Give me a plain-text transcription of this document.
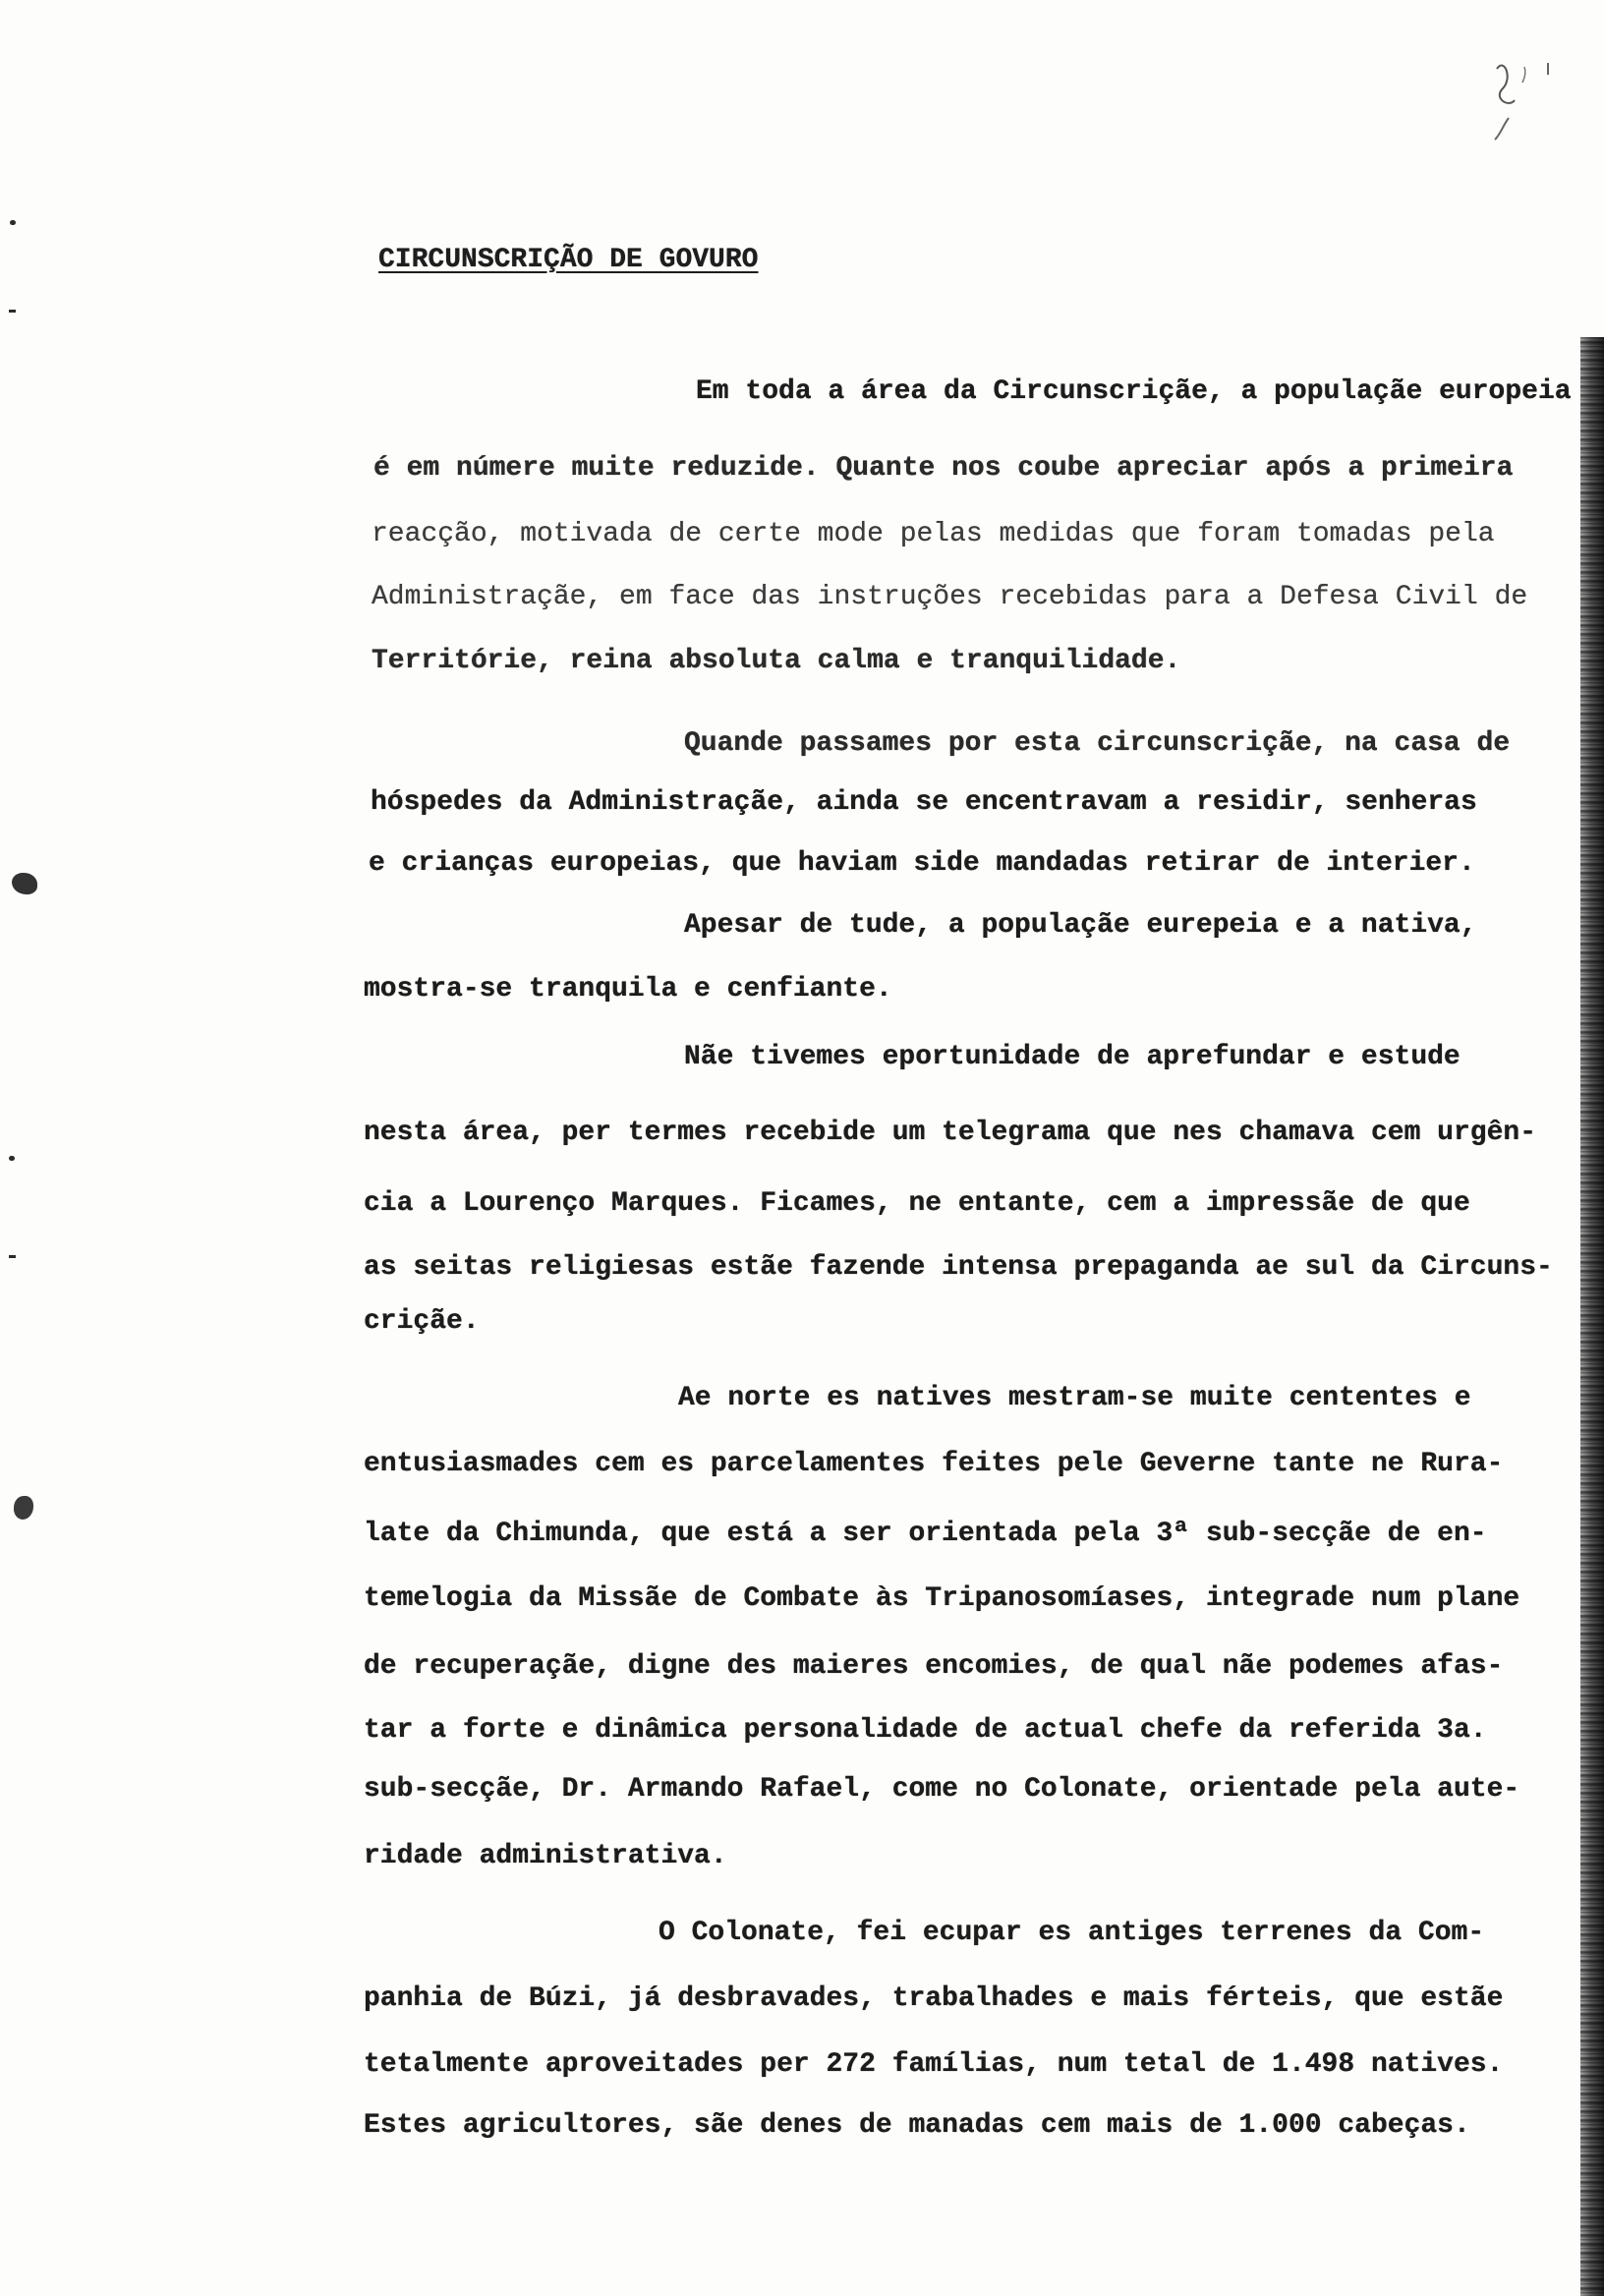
CIRCUNSCRIÇÃO DE GOVURO
Em toda a área da Circunscriçãe, a populaçãe europeia
é em númere muite reduzide. Quante nos coube apreciar após a primeira
reacção, motivada de certe mode pelas medidas que foram tomadas pela
Administraçãe, em face das instruções recebidas para a Defesa Civil de
Territórie, reina absoluta calma e tranquilidade.
Quande passames por esta circunscriçãe, na casa de
hóspedes da Administraçãe, ainda se encentravam a residir, senheras
e crianças europeias, que haviam side mandadas retirar de interier.
Apesar de tude, a populaçãe eurepeia e a nativa,
mostra-se tranquila e cenfiante.
Nãe tivemes eportunidade de aprefundar e estude
nesta área, per termes recebide um telegrama que nes chamava cem urgên-
cia a Lourenço Marques. Ficames, ne entante, cem a impressãe de que
as seitas religiesas estãe fazende intensa prepaganda ae sul da Circuns-
criçãe.
Ae norte es natives mestram-se muite cententes e
entusiasmades cem es parcelamentes feites pele Geverne tante ne Rura-
late da Chimunda, que está a ser orientada pela 3ª sub-secçãe de en-
temelogia da Missãe de Combate às Tripanosomíases, integrade num plane
de recuperaçãe, digne des maieres encomies, de qual nãe podemes afas-
tar a forte e dinâmica personalidade de actual chefe da referida 3a.
sub-secçãe, Dr. Armando Rafael, come no Colonate, orientade pela aute-
ridade administrativa.
O Colonate, fei ecupar es antiges terrenes da Com-
panhia de Búzi, já desbravades, trabalhades e mais férteis, que estãe
tetalmente aproveitades per 272 famílias, num tetal de 1.498 natives.
Estes agricultores, sãe denes de manadas cem mais de 1.000 cabeças.
